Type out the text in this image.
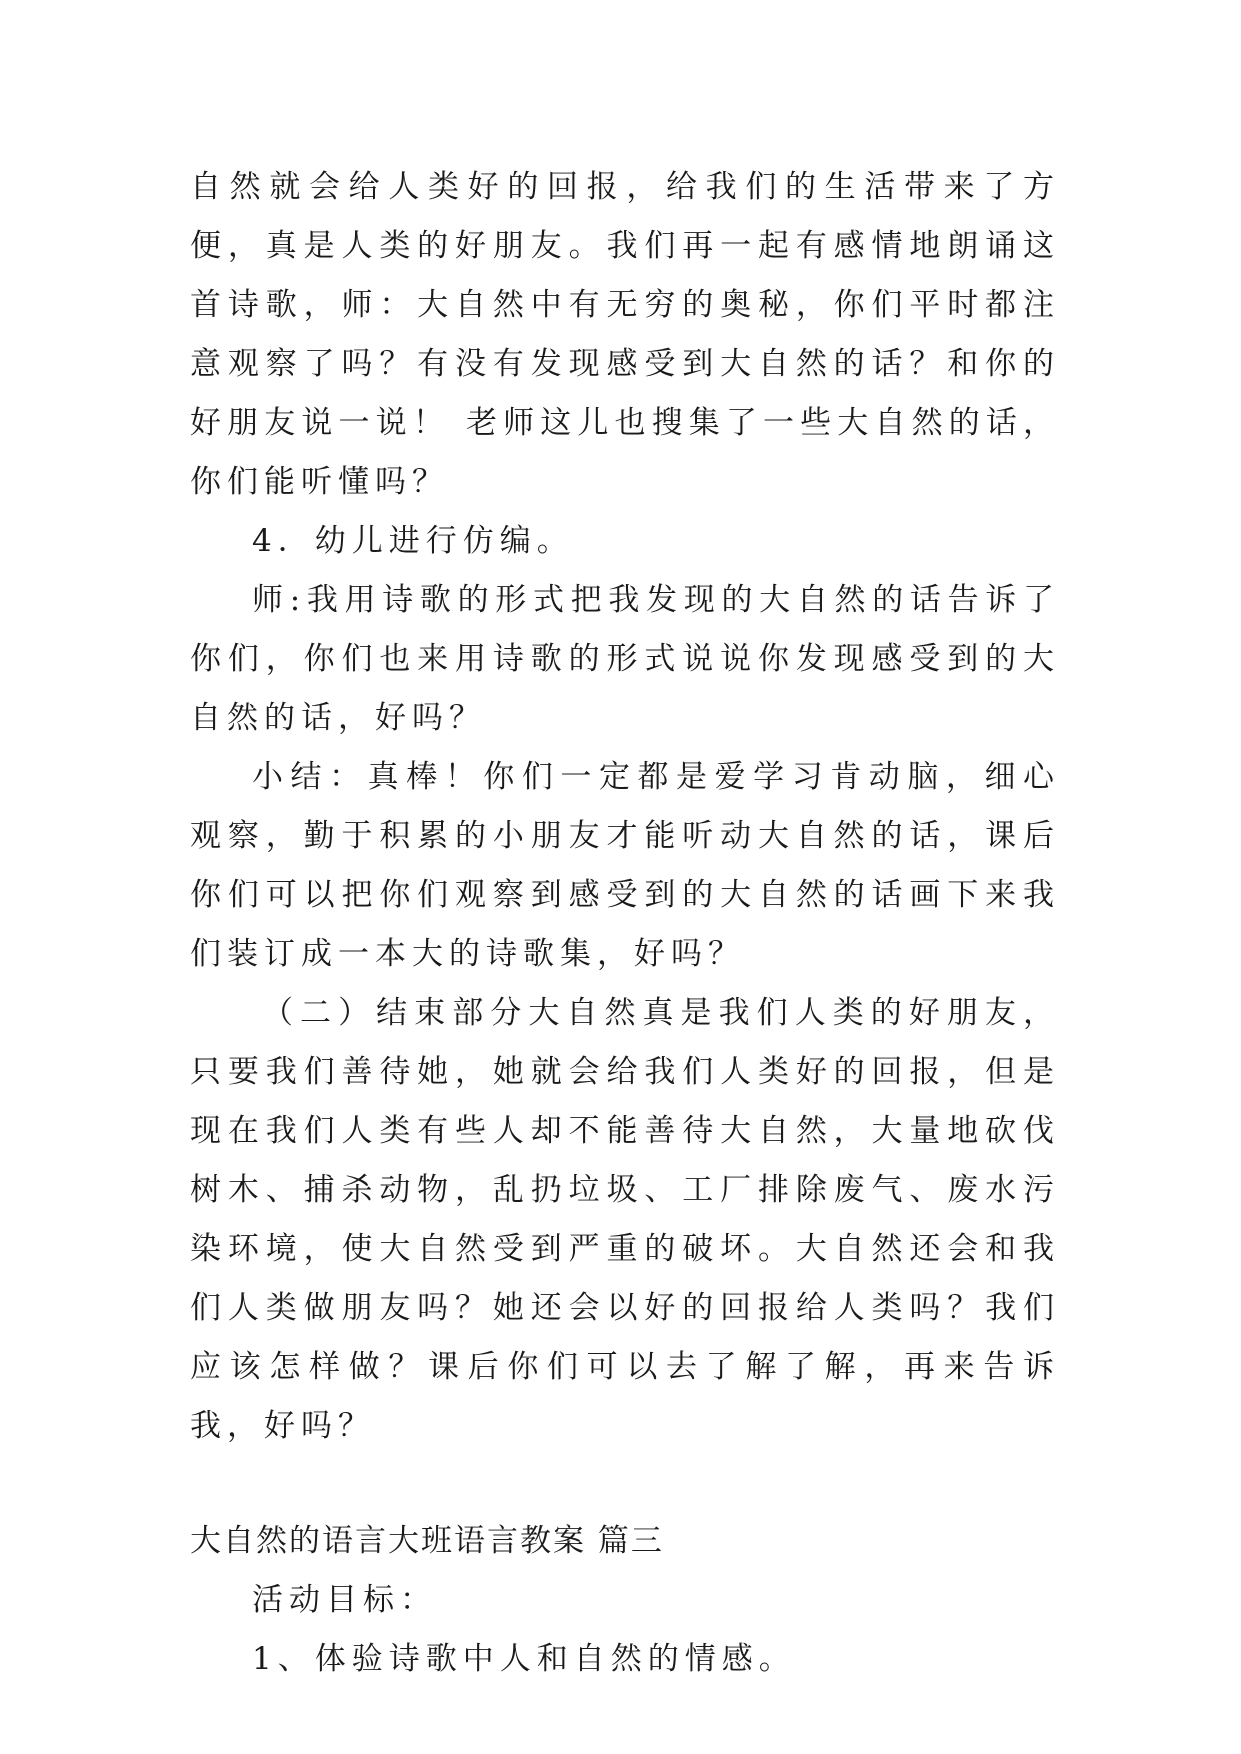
自然就会给人类好的回报，给我们的生活带来了方便，真是人类的好朋友。我们再一起有感情地朗诵这首诗歌，师：大自然中有无穷的奥秘，你们平时都注意观察了吗？有没有发现感受到大自然的话？和你的好朋友说一说！ 老师这儿也搜集了一些大自然的话，你们能听懂吗？

4．幼儿进行仿编。

师:我用诗歌的形式把我发现的大自然的话告诉了你们，你们也来用诗歌的形式说说你发现感受到的大自然的话，好吗？

小结：真棒！你们一定都是爱学习肯动脑，细心观察，勤于积累的小朋友才能听动大自然的话，课后你们可以把你们观察到感受到的大自然的话画下来我们装订成一本大的诗歌集，好吗？

（二）结束部分大自然真是我们人类的好朋友，只要我们善待她，她就会给我们人类好的回报，但是现在我们人类有些人却不能善待大自然，大量地砍伐树木、捕杀动物，乱扔垃圾、工厂排除废气、废水污染环境，使大自然受到严重的破坏。大自然还会和我们人类做朋友吗？她还会以好的回报给人类吗？我们应该怎样做？课后你们可以去了解了解，再来告诉我，好吗？

大自然的语言大班语言教案 篇三

活动目标：

1、体验诗歌中人和自然的情感。
